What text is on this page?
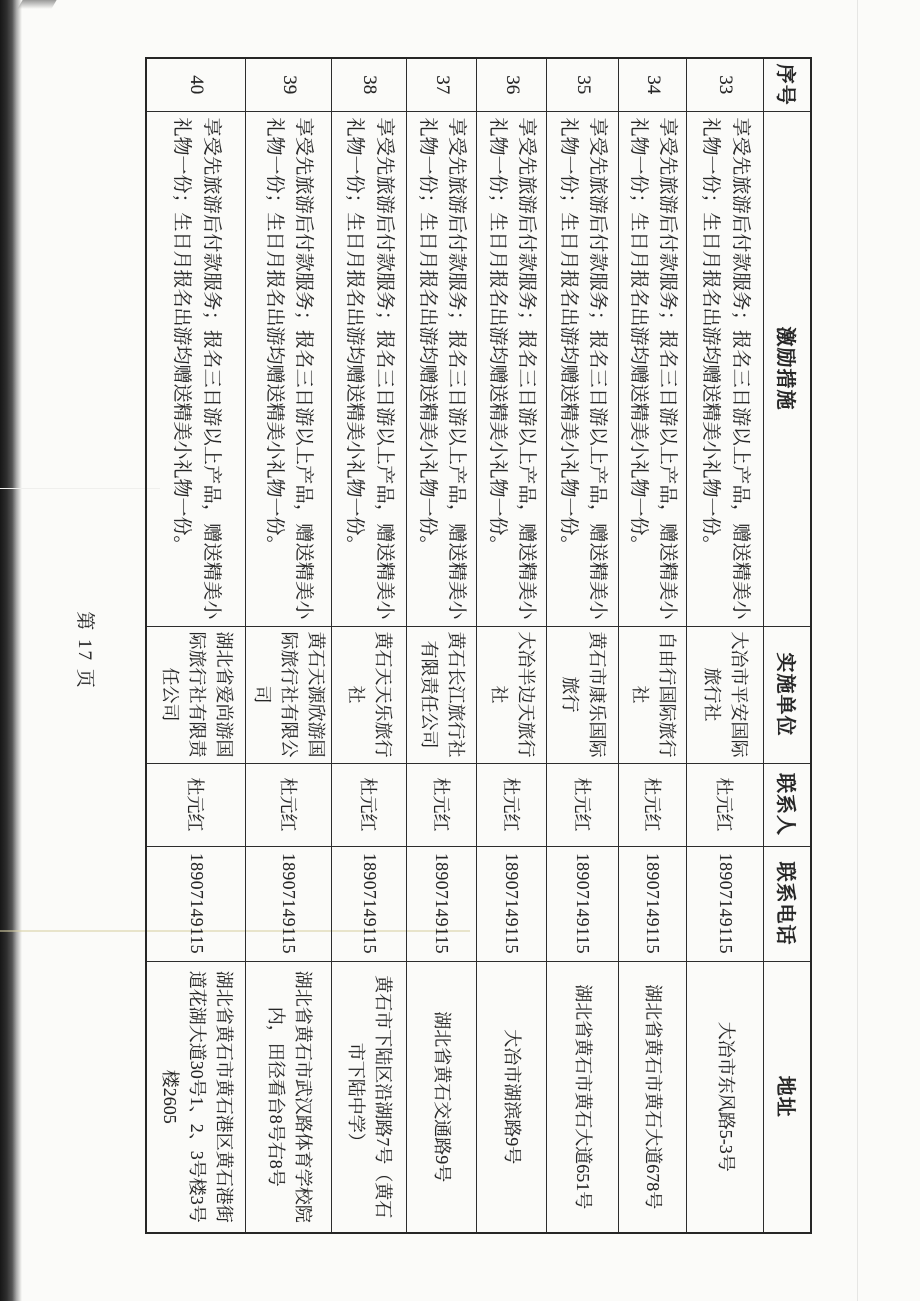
序号	激励措施	实施单位	联系人	联系电话	地址
33	享受先旅游后付款服务；报名三日游以上产品，赠送精美小礼物一份；生日月报名出游均赠送精美小礼物一份。	大冶市平安国际旅行社	杜元红	18907149115	大冶市东风路5-3号
34	享受先旅游后付款服务；报名三日游以上产品，赠送精美小礼物一份；生日月报名出游均赠送精美小礼物一份。	自由行国际旅行社	杜元红	18907149115	湖北省黄石市黄石大道678号
35	享受先旅游后付款服务；报名三日游以上产品，赠送精美小礼物一份；生日月报名出游均赠送精美小礼物一份。	黄石市康乐国际旅行	杜元红	18907149115	湖北省黄石市黄石大道651号
36	享受先旅游后付款服务；报名三日游以上产品，赠送精美小礼物一份；生日月报名出游均赠送精美小礼物一份。	大冶半边天旅行社	杜元红	18907149115	大冶市湖滨路9号
37	享受先旅游后付款服务；报名三日游以上产品，赠送精美小礼物一份；生日月报名出游均赠送精美小礼物一份。	黄石长江旅行社有限责任公司	杜元红	18907149115	湖北省黄石交通路9号
38	享受先旅游后付款服务；报名三日游以上产品，赠送精美小礼物一份；生日月报名出游均赠送精美小礼物一份。	黄石天天乐旅行社	杜元红	18907149115	黄石市下陆区沿湖路7号（黄石市下陆中学）
39	享受先旅游后付款服务；报名三日游以上产品，赠送精美小礼物一份；生日月报名出游均赠送精美小礼物一份。	黄石天源欣游国际旅行社有限公司	杜元红	18907149115	湖北省黄石市武汉路体育学校院内，田径看台8号右8号
40	享受先旅游后付款服务；报名三日游以上产品，赠送精美小礼物一份；生日月报名出游均赠送精美小礼物一份。	湖北省爱尚游国际旅行社有限责任公司	杜元红	18907149115	湖北省黄石市黄石港区黄石港街道花湖大道30号1、2、3号楼3号楼2605
第 17 页
